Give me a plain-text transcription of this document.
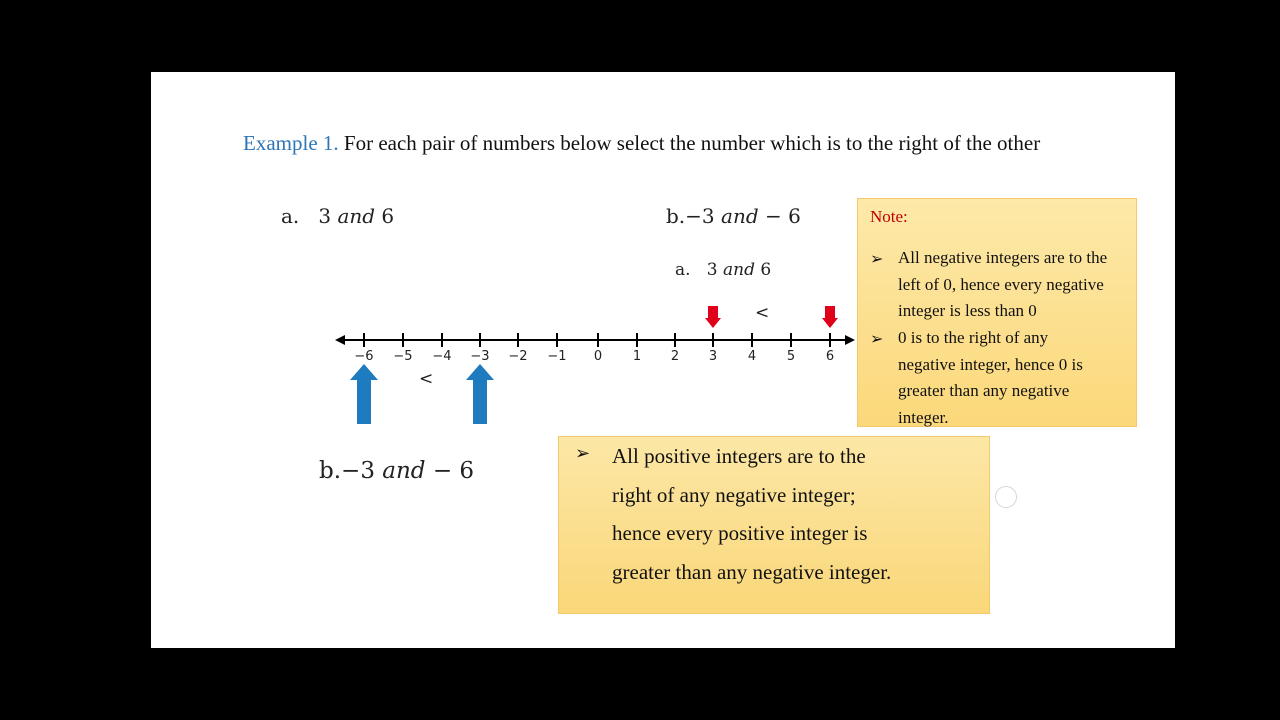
Example 1. For each pair of numbers below select the number which is to the right of the other
a. 3 and 6	b.−3 and − 6
a. 3 and 6
−6 −5 −4 −3 −2 −1 0 1 2 3 4 5 6
<
<
b.−3 and − 6
Note:
➢ All negative integers are to the
left of 0, hence every negative
integer is less than 0
➢ 0 is to the right of any
negative integer, hence 0 is
greater than any negative
integer.
➢ All positive integers are to the
right of any negative integer;
hence every positive integer is
greater than any negative integer.
